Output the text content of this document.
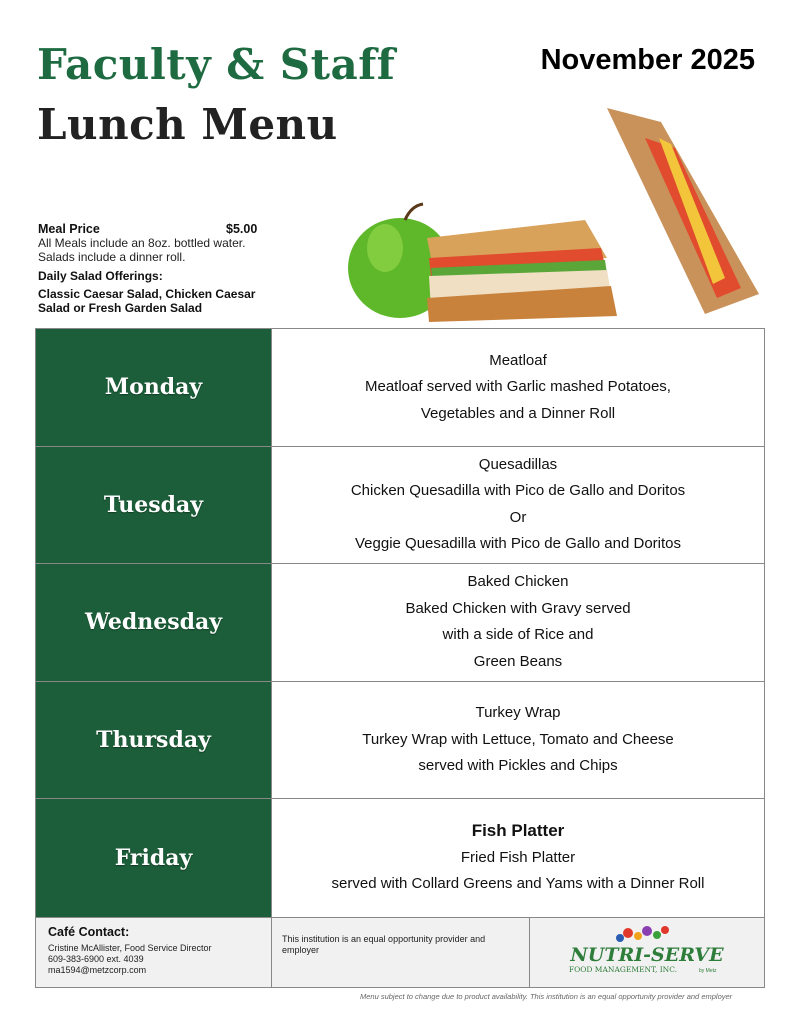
Faculty & Staff
Lunch Menu
November 2025
Meal Price	$5.00
All Meals include an 8oz. bottled water.
Salads include a dinner roll.
Daily Salad Offerings:
Classic Caesar Salad, Chicken Caesar
Salad or Fresh Garden Salad
Monday
Meatloaf
Meatloaf served with Garlic mashed Potatoes,
Vegetables and a Dinner Roll
Tuesday
Quesadillas
Chicken Quesadilla with Pico de Gallo and Doritos
Or
Veggie Quesadilla with Pico de Gallo and Doritos
Wednesday
Baked Chicken
Baked Chicken with Gravy served
with a side of Rice and
Green Beans
Thursday
Turkey Wrap
Turkey Wrap with Lettuce, Tomato and Cheese
served with Pickles and Chips
Friday
Fish Platter
Fried Fish Platter
served with Collard Greens and Yams with a Dinner Roll
Café Contact:
Cristine McAllister, Food Service Director
609-383-6900 ext. 4039
ma1594@metzcorp.com
This institution is an equal opportunity provider and employer	NUTRI-SERVE
FOOD MANAGEMENT, INC.	by Metz
Menu subject to change due to product availability. This institution is an equal opportunity provider and employer
